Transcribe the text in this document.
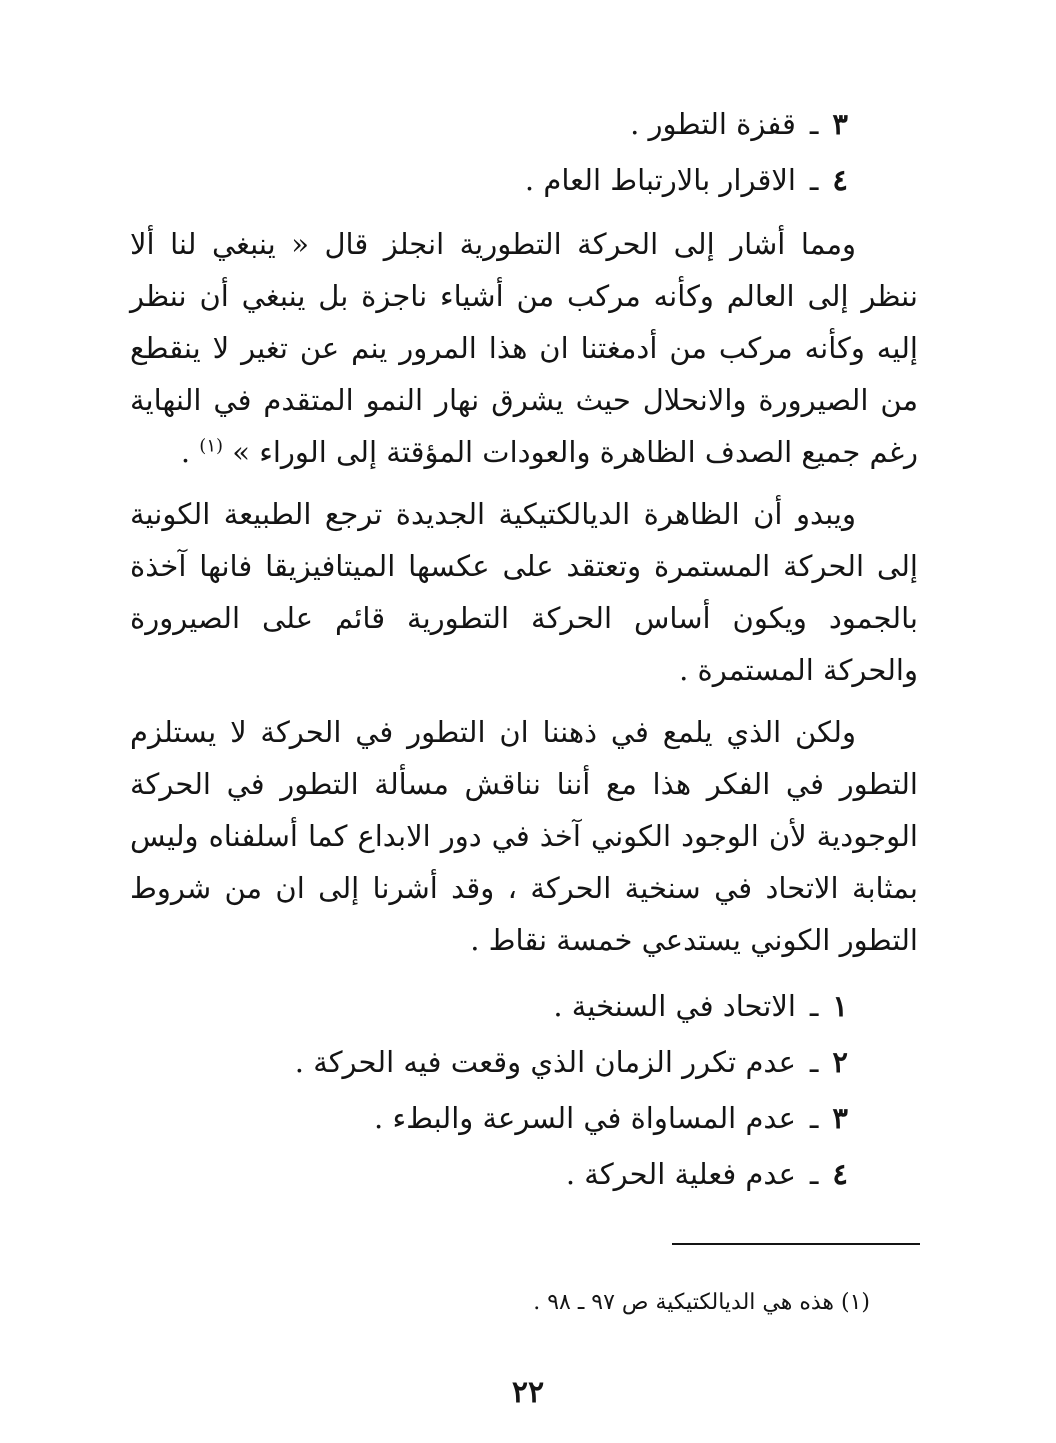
٣ـقفزة التطور .
٤ـالاقرار بالارتباط العام .

ومما أشار إلى الحركة التطورية انجلز قال « ينبغي لنا ألا ننظر إلى العالم وكأنه مركب من أشياء ناجزة بل ينبغي أن ننظر إليه وكأنه مركب من أدمغتنا ان هذا المرور ينم عن تغير لا ينقطع من الصيرورة والانحلال حيث يشرق نهار النمو المتقدم في النهاية رغم جميع الصدف الظاهرة والعودات المؤقتة إلى الوراء » $^{(١)}$ .

ويبدو أن الظاهرة الديالكتيكية الجديدة ترجع الطبيعة الكونية إلى الحركة المستمرة وتعتقد على عكسها الميتافيزيقا فانها آخذة بالجمود ويكون أساس الحركة التطورية قائم على الصيرورة والحركة المستمرة .

ولكن الذي يلمع في ذهننا ان التطور في الحركة لا يستلزم التطور في الفكر هذا مع أننا نناقش مسألة التطور في الحركة الوجودية لأن الوجود الكوني آخذ في دور الابداع كما أسلفناه وليس بمثابة الاتحاد في سنخية الحركة ، وقد أشرنا إلى ان من شروط التطور الكوني يستدعي خمسة نقاط .

١ـالاتحاد في السنخية .
٢ـعدم تكرر الزمان الذي وقعت فيه الحركة .
٣ـعدم المساواة في السرعة والبطء .
٤ـعدم فعلية الحركة .
(١) هذه هي الديالكتيكية ص ٩٧ ـ ٩٨ .
٢٢
